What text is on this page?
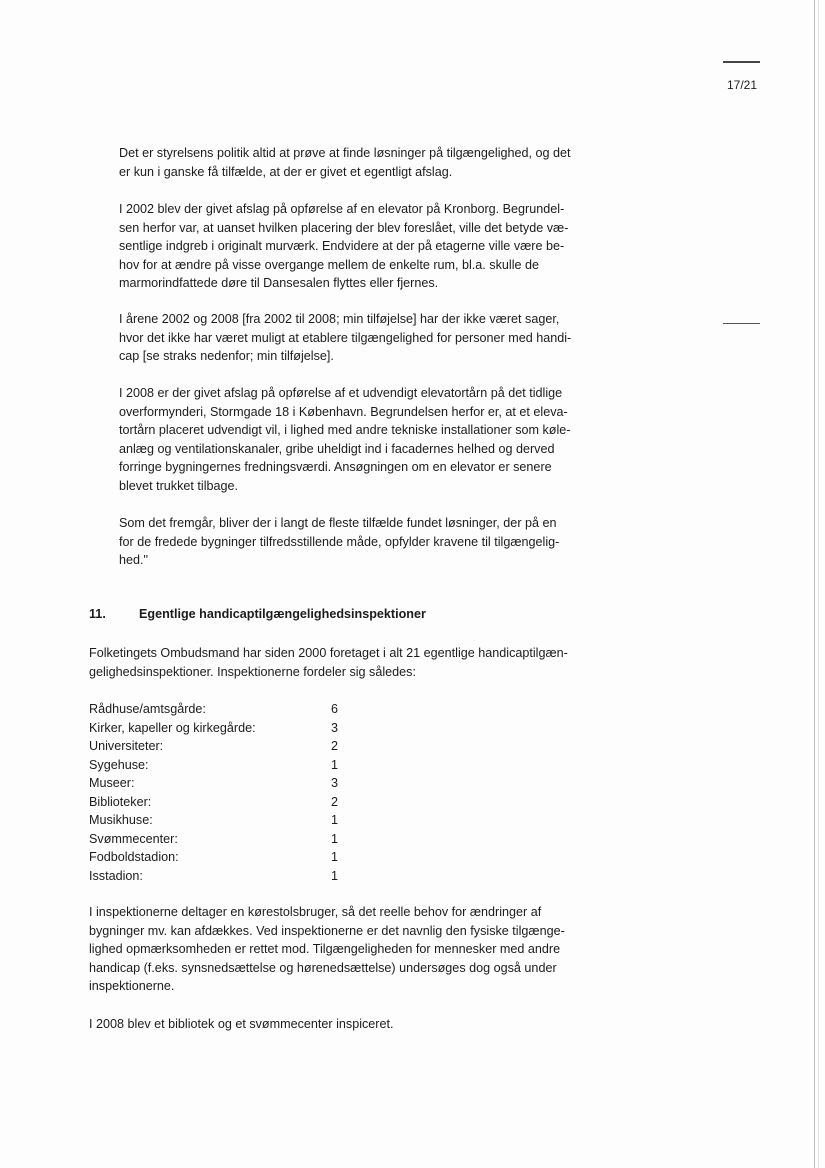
17/21
Det er styrelsens politik altid at prøve at finde løsninger på tilgængelighed, og det
er kun i ganske få tilfælde, at der er givet et egentligt afslag.
I 2002 blev der givet afslag på opførelse af en elevator på Kronborg. Begrundel-
sen herfor var, at uanset hvilken placering der blev foreslået, ville det betyde væ-
sentlige indgreb i originalt murværk. Endvidere at der på etagerne ville være be-
hov for at ændre på visse overgange mellem de enkelte rum, bl.a. skulle de
marmorindfattede døre til Dansesalen flyttes eller fjernes.
I årene 2002 og 2008 [fra 2002 til 2008; min tilføjelse] har der ikke været sager,
hvor det ikke har været muligt at etablere tilgængelighed for personer med handi-
cap [se straks nedenfor; min tilføjelse].
I 2008 er der givet afslag på opførelse af et udvendigt elevatortårn på det tidlige
overformynderi, Stormgade 18 i København. Begrundelsen herfor er, at et eleva-
tortårn placeret udvendigt vil, i lighed med andre tekniske installationer som køle-
anlæg og ventilationskanaler, gribe uheldigt ind i facadernes helhed og derved
forringe bygningernes fredningsværdi. Ansøgningen om en elevator er senere
blevet trukket tilbage.
Som det fremgår, bliver der i langt de fleste tilfælde fundet løsninger, der på en
for de fredede bygninger tilfredsstillende måde, opfylder kravene til tilgængelig-
hed."
11.	Egentlige handicaptilgængelighedsinspektioner
Folketingets Ombudsmand har siden 2000 foretaget i alt 21 egentlige handicaptilgæn-
gelighedsinspektioner. Inspektionerne fordeler sig således:
Rådhuse/amtsgårde:	6
Kirker, kapeller og kirkegårde:	3
Universiteter:	2
Sygehuse:	1
Museer:	3
Biblioteker:	2
Musikhuse:	1
Svømmecenter:	1
Fodboldstadion:	1
Isstadion:	1
I inspektionerne deltager en kørestolsbruger, så det reelle behov for ændringer af
bygninger mv. kan afdækkes. Ved inspektionerne er det navnlig den fysiske tilgænge-
lighed opmærksomheden er rettet mod. Tilgængeligheden for mennesker med andre
handicap (f.eks. synsnedsættelse og hørenedsættelse) undersøges dog også under
inspektionerne.
I 2008 blev et bibliotek og et svømmecenter inspiceret.
